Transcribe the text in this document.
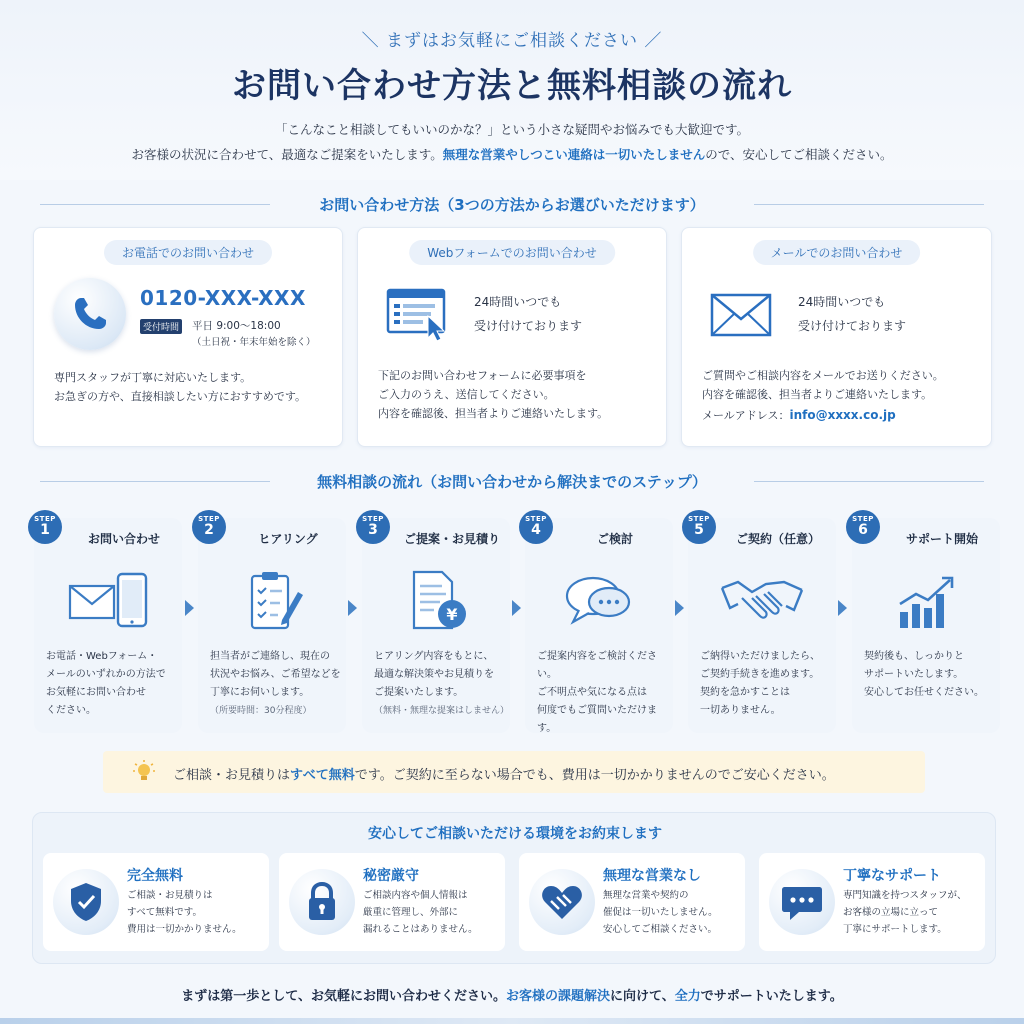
＼ まずはお気軽にご相談ください ／
お問い合わせ方法と無料相談の流れ
「こんなこと相談してもいいのかな？」という小さな疑問やお悩みでも大歓迎です。
お客様の状況に合わせて、最適なご提案をいたします。無理な営業やしつこい連絡は一切いたしませんので、安心してご相談ください。
お問い合わせ方法（3つの方法からお選びいただけます）
お電話でのお問い合わせ
0120-XXX-XXX
受付時間 平日 9:00〜18:00
（土日祝・年末年始を除く）
専門スタッフが丁寧に対応いたします。
お急ぎの方や、直接相談したい方におすすめです。
Webフォームでのお問い合わせ
24時間いつでも
受け付けております
下記のお問い合わせフォームに必要事項を
ご入力のうえ、送信してください。
内容を確認後、担当者よりご連絡いたします。
メールでのお問い合わせ
24時間いつでも
受け付けております
ご質問やご相談内容をメールでお送りください。
内容を確認後、担当者よりご連絡いたします。
メールアドレス：info@xxxx.co.jp
無料相談の流れ（お問い合わせから解決までのステップ）
STEP
1
お問い合わせ
お電話・Webフォーム・
メールのいずれかの方法で
お気軽にお問い合わせ
ください。
STEP
2
ヒアリング
担当者がご連絡し、現在の
状況やお悩み、ご希望などを
丁寧にお伺いします。
（所要時間：30分程度）
STEP
3
ご提案・お見積り
¥
ヒアリング内容をもとに、
最適な解決策やお見積りを
ご提案いたします。
（無料・無理な提案はしません）
STEP
4
ご検討
ご提案内容をご検討ください。
ご不明点や気になる点は
何度でもご質問いただけます。
STEP
5
ご契約（任意）
ご納得いただけましたら、
ご契約手続きを進めます。
契約を急かすことは
一切ありません。
STEP
6
サポート開始
契約後も、しっかりと
サポートいたします。
安心してお任せください。
ご相談・お見積りはすべて無料です。ご契約に至らない場合でも、費用は一切かかりませんのでご安心ください。
安心してご相談いただける環境をお約束します
完全無料
ご相談・お見積りは
すべて無料です。
費用は一切かかりません。
秘密厳守
ご相談内容や個人情報は
厳重に管理し、外部に
漏れることはありません。
無理な営業なし
無理な営業や契約の
催促は一切いたしません。
安心してご相談ください。
丁寧なサポート
専門知識を持つスタッフが、
お客様の立場に立って
丁寧にサポートします。
まずは第一歩として、お気軽にお問い合わせください。お客様の課題解決に向けて、全力でサポートいたします。
